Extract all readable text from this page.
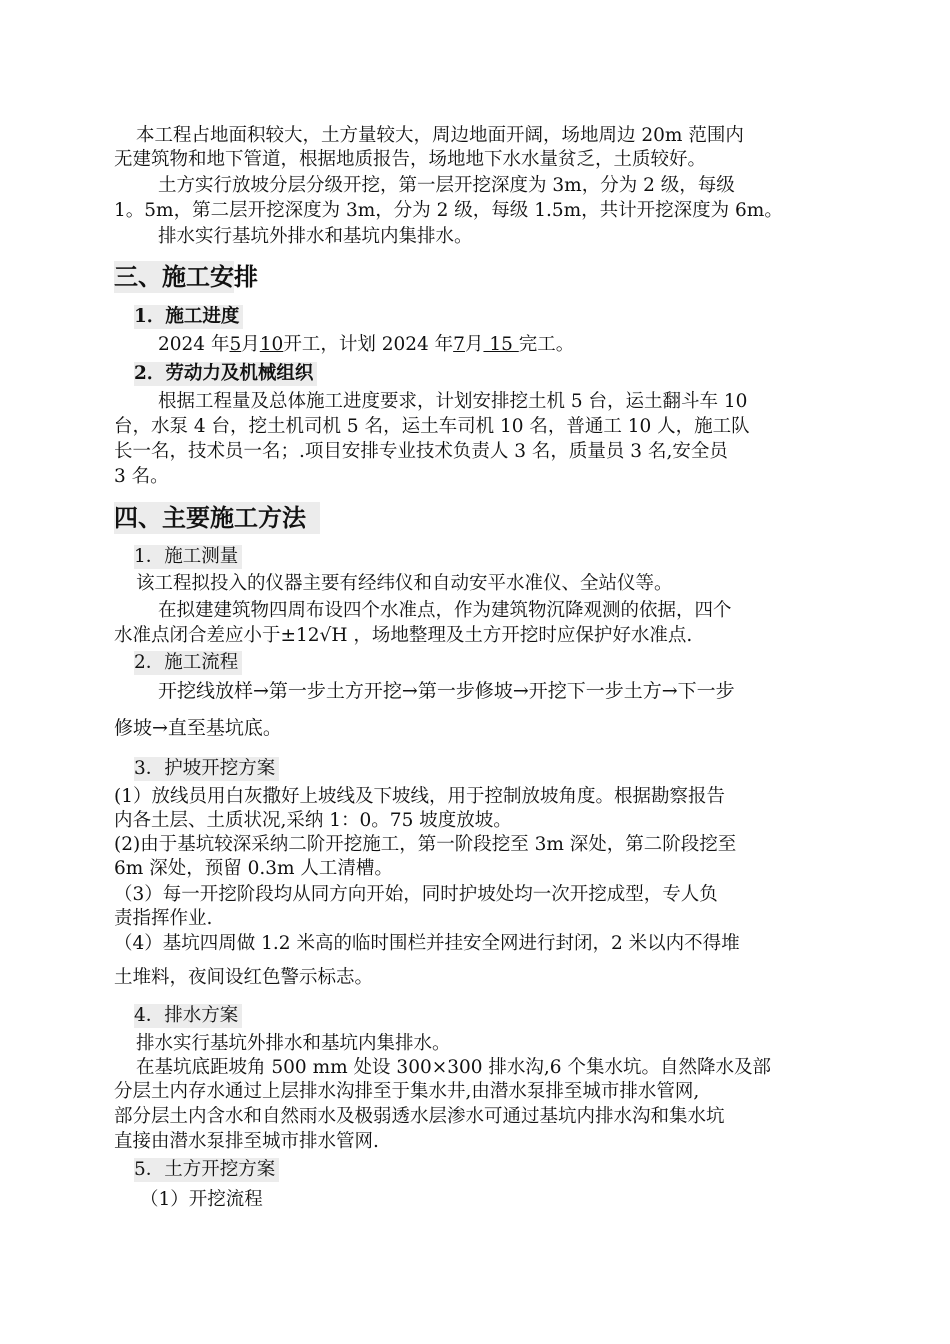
本工程占地面积较大，土方量较大，周边地面开阔，场地周边 20m 范围内
无建筑物和地下管道，根据地质报告，场地地下水水量贫乏，土质较好。
土方实行放坡分层分级开挖，第一层开挖深度为 3m，分为 2 级，每级
1。5m，第二层开挖深度为 3m，分为 2 级，每级 1.5m，共计开挖深度为 6m。
排水实行基坑外排水和基坑内集排水。
三、施工安排
1．施工进度
2024 年5月10开工，计划 2024 年7月 15 完工。
2．劳动力及机械组织
根据工程量及总体施工进度要求，计划安排挖土机 5 台，运土翻斗车 10
台，水泵 4 台，挖土机司机 5 名，运土车司机 10 名，普通工 10 人，施工队
长一名，技术员一名；.项目安排专业技术负责人 3 名，质量员 3 名,安全员
3 名。
四、主要施工方法
1．施工测量
该工程拟投入的仪器主要有经纬仪和自动安平水准仪、全站仪等。
在拟建建筑物四周布设四个水准点，作为建筑物沉降观测的依据，四个
水准点闭合差应小于±12√H ，场地整理及土方开挖时应保护好水准点.
2．施工流程
开挖线放样→第一步土方开挖→第一步修坡→开挖下一步土方→下一步
修坡→直至基坑底。
3．护坡开挖方案
(1）放线员用白灰撒好上坡线及下坡线，用于控制放坡角度。根据勘察报告
内各土层、土质状况,采纳 1：0。75 坡度放坡。
(2)由于基坑较深采纳二阶开挖施工，第一阶段挖至 3m 深处，第二阶段挖至
6m 深处，预留 0.3m 人工清槽。
（3）每一开挖阶段均从同方向开始，同时护坡处均一次开挖成型，专人负
责指挥作业.
（4）基坑四周做 1.2 米高的临时围栏并挂安全网进行封闭，2 米以内不得堆
土堆料，夜间设红色警示标志。
4．排水方案
排水实行基坑外排水和基坑内集排水。
在基坑底距坡角 500 mm 处设 300×300 排水沟,6 个集水坑。自然降水及部
分层土内存水通过上层排水沟排至于集水井,由潜水泵排至城市排水管网,
部分层土内含水和自然雨水及极弱透水层渗水可通过基坑内排水沟和集水坑
直接由潜水泵排至城市排水管网.
5．土方开挖方案
（1）开挖流程
